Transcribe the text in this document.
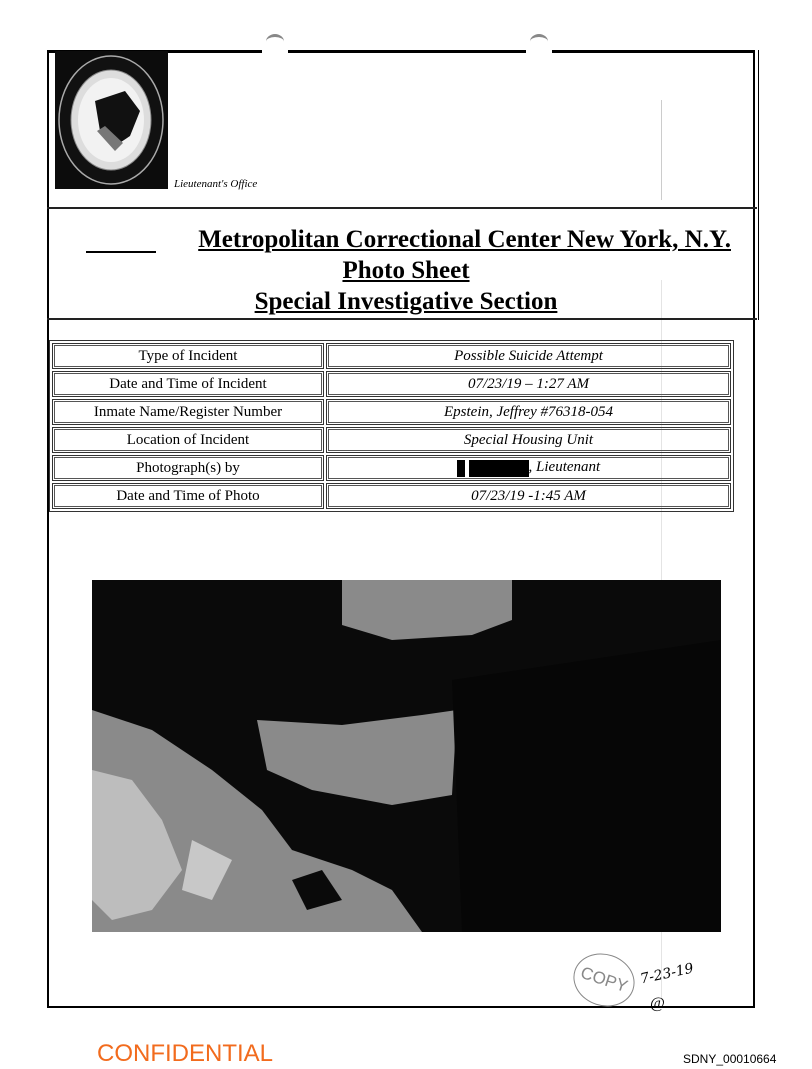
Lieutenant's Office
Metropolitan Correctional Center New York, N.Y.
Photo Sheet
Special Investigative Section
Type of Incident	Possible Suicide Attempt
Date and Time of Incident	07/23/19 – 1:27 AM
Inmate Name/Register Number	Epstein, Jeffrey #76318-054
Location of Incident	Special Housing Unit
Photograph(s) by	, Lieutenant
Date and Time of Photo	07/23/19 -1:45 AM
COPY 7-23-19
@
CONFIDENTIAL	SDNY_00010664
